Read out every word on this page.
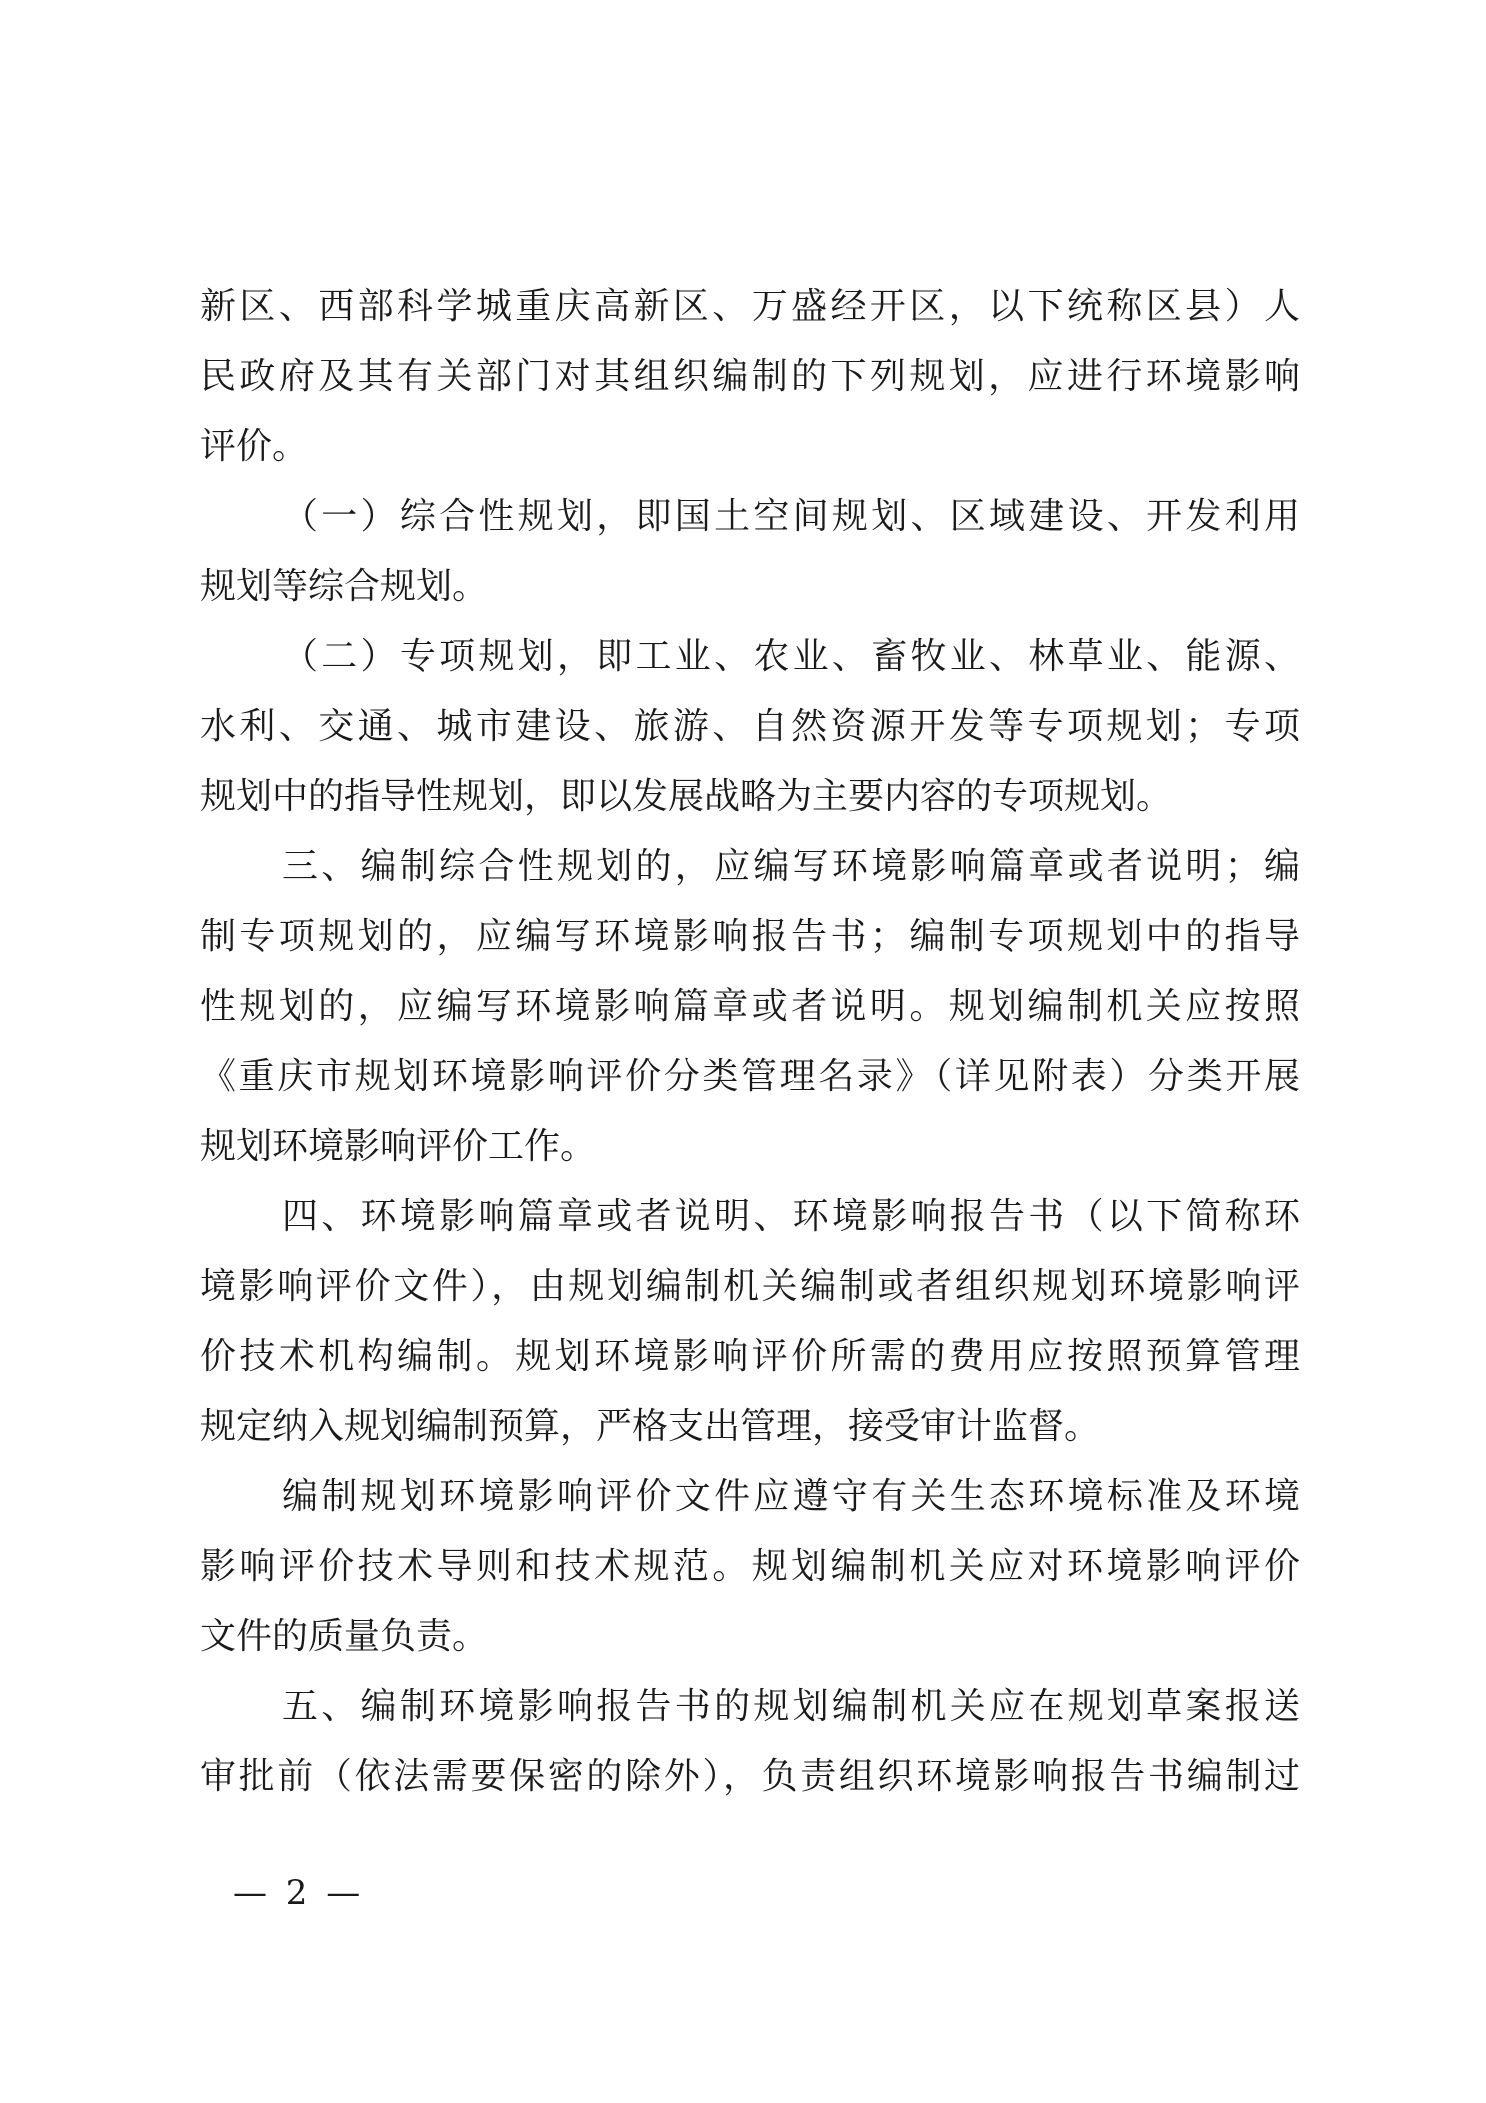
新区、西部科学城重庆高新区、万盛经开区，以下统称区县）人
民政府及其有关部门对其组织编制的下列规划，应进行环境影响
评价。
（一）综合性规划，即国土空间规划、区域建设、开发利用
规划等综合规划。
（二）专项规划，即工业、农业、畜牧业、林草业、能源、
水利、交通、城市建设、旅游、自然资源开发等专项规划；专项
规划中的指导性规划，即以发展战略为主要内容的专项规划。
三、编制综合性规划的，应编写环境影响篇章或者说明；编
制专项规划的，应编写环境影响报告书；编制专项规划中的指导
性规划的，应编写环境影响篇章或者说明。规划编制机关应按照
《重庆市规划环境影响评价分类管理名录》（详见附表）分类开展
规划环境影响评价工作。
四、环境影响篇章或者说明、环境影响报告书（以下简称环
境影响评价文件），由规划编制机关编制或者组织规划环境影响评
价技术机构编制。规划环境影响评价所需的费用应按照预算管理
规定纳入规划编制预算，严格支出管理，接受审计监督。
编制规划环境影响评价文件应遵守有关生态环境标准及环境
影响评价技术导则和技术规范。规划编制机关应对环境影响评价
文件的质量负责。
五、编制环境影响报告书的规划编制机关应在规划草案报送
审批前（依法需要保密的除外），负责组织环境影响报告书编制过
— 2 —
